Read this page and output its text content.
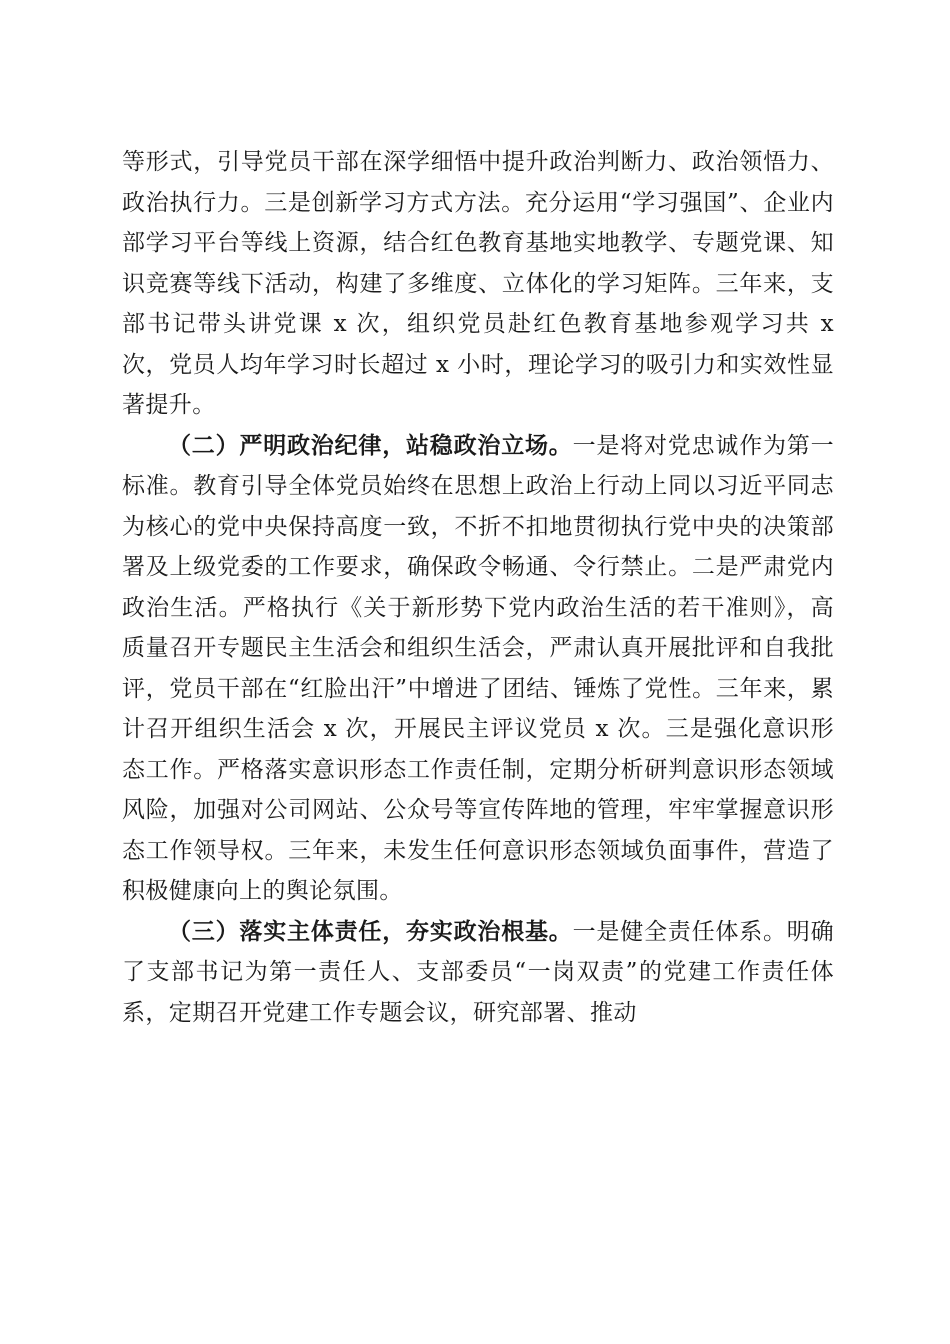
等形式，引导党员干部在深学细悟中提升政治判断力、政治领悟力、政治执行力。三是创新学习方式方法。充分运用“学习强国”、企业内部学习平台等线上资源，结合红色教育基地实地教学、专题党课、知识竞赛等线下活动，构建了多维度、立体化的学习矩阵。三年来，支部书记带头讲党课 x 次，组织党员赴红色教育基地参观学习共 x 次，党员人均年学习时长超过 x 小时，理论学习的吸引力和实效性显著提升。

（二）严明政治纪律，站稳政治立场。一是将对党忠诚作为第一标准。教育引导全体党员始终在思想上政治上行动上同以习近平同志为核心的党中央保持高度一致，不折不扣地贯彻执行党中央的决策部署及上级党委的工作要求，确保政令畅通、令行禁止。二是严肃党内政治生活。严格执行《关于新形势下党内政治生活的若干准则》，高质量召开专题民主生活会和组织生活会，严肃认真开展批评和自我批评，党员干部在“红脸出汗”中增进了团结、锤炼了党性。三年来，累计召开组织生活会 x 次，开展民主评议党员 x 次。三是强化意识形态工作。严格落实意识形态工作责任制，定期分析研判意识形态领域风险，加强对公司网站、公众号等宣传阵地的管理，牢牢掌握意识形态工作领导权。三年来，未发生任何意识形态领域负面事件，营造了积极健康向上的舆论氛围。

（三）落实主体责任，夯实政治根基。一是健全责任体系。明确了支部书记为第一责任人、支部委员“一岗双责”的党建工作责任体系，定期召开党建工作专题会议，研究部署、推动
